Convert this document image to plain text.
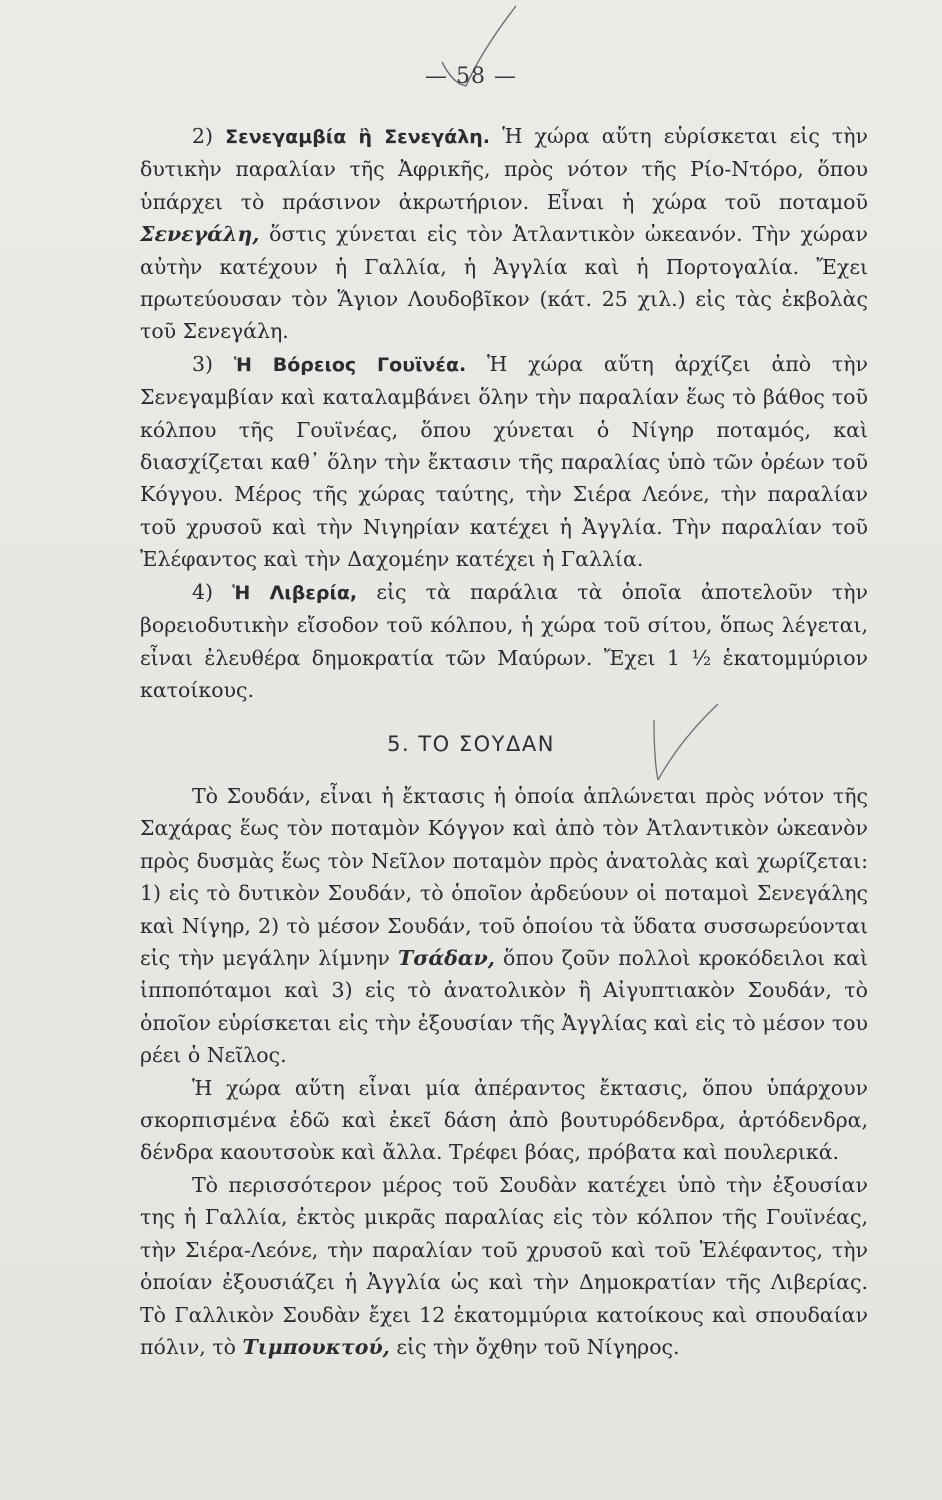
— 58 —

2) Σενεγαμβία ἢ Σενεγάλη. Ἡ χώρα αὕτη εὑρίσκεται εἰς τὴν δυτικὴν παραλίαν τῆς Ἀφρικῆς, πρὸς νότον τῆς Ρίο-Ντόρο, ὅπου ὑπάρχει τὸ πράσινον ἀκρωτήριον. Εἶναι ἡ χώρα τοῦ ποταμοῦ Σενεγάλη, ὅστις χύνεται εἰς τὸν Ἀτλαντικὸν ὠκεανόν. Τὴν χώραν αὐτὴν κατέχουν ἡ Γαλλία, ἡ Ἀγγλία καὶ ἡ Πορτογαλία. Ἔχει πρωτεύουσαν τὸν Ἅγιον Λουδοβῖκον (κάτ. 25 χιλ.) εἰς τὰς ἐκβολὰς τοῦ Σενεγάλη.

3) Ἡ Βόρειος Γουϊνέα. Ἡ χώρα αὕτη ἀρχίζει ἀπὸ τὴν Σενεγαμβίαν καὶ καταλαμβάνει ὅλην τὴν παραλίαν ἕως τὸ βάθος τοῦ κόλπου τῆς Γουϊνέας, ὅπου χύνεται ὁ Νίγηρ ποταμός, καὶ διασχίζεται καθ᾽ ὅλην τὴν ἔκτασιν τῆς παραλίας ὑπὸ τῶν ὀρέων τοῦ Κόγγου. Μέρος τῆς χώρας ταύτης, τὴν Σιέρα Λεόνε, τὴν παραλίαν τοῦ χρυσοῦ καὶ τὴν Νιγηρίαν κατέχει ἡ Ἀγγλία. Τὴν παραλίαν τοῦ Ἐλέφαντος καὶ τὴν Δαχομέην κατέχει ἡ Γαλλία.

4) Ἡ Λιβερία, εἰς τὰ παράλια τὰ ὁποῖα ἀποτελοῦν τὴν βορειοδυτικὴν εἴσοδον τοῦ κόλπου, ἡ χώρα τοῦ σίτου, ὅπως λέγεται, εἶναι ἐλευθέρα δημοκρατία τῶν Μαύρων. Ἔχει 1 ½ ἑκατομμύριον κατοίκους.

5. ΤΟ ΣΟΥΔΑΝ

Τὸ Σουδάν, εἶναι ἡ ἔκτασις ἡ ὁποία ἁπλώνεται πρὸς νότον τῆς Σαχάρας ἕως τὸν ποταμὸν Κόγγον καὶ ἀπὸ τὸν Ἀτλαντικὸν ὠκεανὸν πρὸς δυσμὰς ἕως τὸν Νεῖλον ποταμὸν πρὸς ἀνατολὰς καὶ χωρίζεται: 1) εἰς τὸ δυτικὸν Σουδάν, τὸ ὁποῖον ἀρδεύουν οἱ ποταμοὶ Σενεγάλης καὶ Νίγηρ, 2) τὸ μέσον Σουδάν, τοῦ ὁποίου τὰ ὕδατα συσσωρεύονται εἰς τὴν μεγάλην λίμνην Τσάδαν, ὅπου ζοῦν πολλοὶ κροκόδειλοι καὶ ἱπποπόταμοι καὶ 3) εἰς τὸ ἀνατολικὸν ἢ Αἰγυπτιακὸν Σουδάν, τὸ ὁποῖον εὑρίσκεται εἰς τὴν ἐξουσίαν τῆς Ἀγγλίας καὶ εἰς τὸ μέσον του ρέει ὁ Νεῖλος.

Ἡ χώρα αὕτη εἶναι μία ἀπέραντος ἔκτασις, ὅπου ὑπάρχουν σκορπισμένα ἐδῶ καὶ ἐκεῖ δάση ἀπὸ βουτυρόδενδρα, ἀρτόδενδρα, δένδρα καουτσοὺκ καὶ ἄλλα. Τρέφει βόας, πρόβατα καὶ πουλερικά.

Τὸ περισσότερον μέρος τοῦ Σουδὰν κατέχει ὑπὸ τὴν ἐξουσίαν της ἡ Γαλλία, ἐκτὸς μικρᾶς παραλίας εἰς τὸν κόλπον τῆς Γουϊνέας, τὴν Σιέρα-Λεόνε, τὴν παραλίαν τοῦ χρυσοῦ καὶ τοῦ Ἐλέφαντος, τὴν ὁποίαν ἐξουσιάζει ἡ Ἀγγλία ὡς καὶ τὴν Δημοκρατίαν τῆς Λιβερίας. Τὸ Γαλλικὸν Σουδὰν ἔχει 12 ἑκατομμύρια κατοίκους καὶ σπουδαίαν πόλιν, τὸ Τιμπουκτού, εἰς τὴν ὄχθην τοῦ Νίγηρος.
